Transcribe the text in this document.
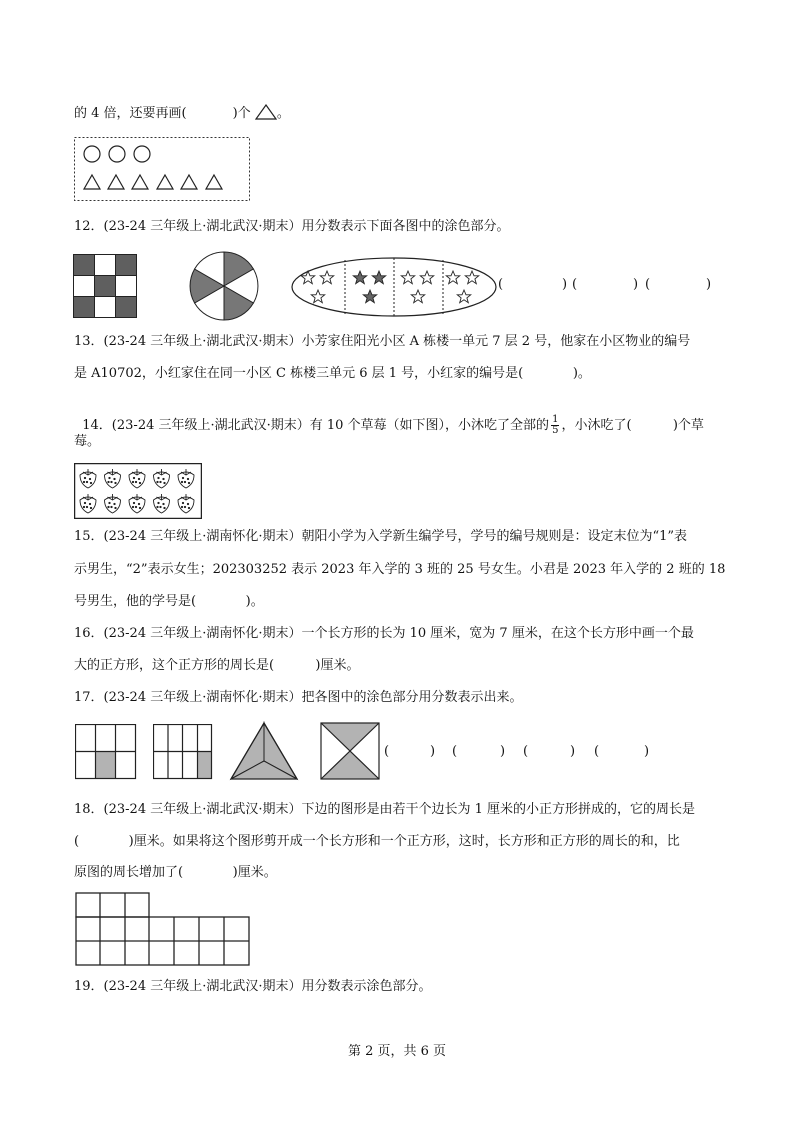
的 4 倍，还要再画(	)个 。
12．(23-24 三年级上·湖北武汉·期末）用分数表示下面各图中的涂色部分。
(	) (	) (	)
13．(23-24 三年级上·湖北武汉·期末）小芳家住阳光小区 A 栋楼一单元 7 层 2 号，他家在小区物业的编号
是 A10702，小红家住在同一小区 C 栋楼三单元 6 层 1 号，小红家的编号是(            )。

14．(23-24 三年级上·湖北武汉·期末）有 10 个草莓（如下图），小沐吃了全部的 $\frac{1}{5}$ ，小沐吃了(          )个草

莓。
15．(23-24 三年级上·湖南怀化·期末）朝阳小学为入学新生编学号，学号的编号规则是：设定末位为“1”表
示男生，“2”表示女生；202303252 表示 2023 年入学的 3 班的 25 号女生。小君是 2023 年入学的 2 班的 18
号男生，他的学号是(            )。
16．(23-24 三年级上·湖南怀化·期末）一个长方形的长为 10 厘米，宽为 7 厘米，在这个长方形中画一个最
大的正方形，这个正方形的周长是(          )厘米。
17．(23-24 三年级上·湖南怀化·期末）把各图中的涂色部分用分数表示出来。
(	) (	) (	) (	)
18．(23-24 三年级上·湖北武汉·期末）下边的图形是由若干个边长为 1 厘米的小正方形拼成的，它的周长是
(            )厘米。如果将这个图形剪开成一个长方形和一个正方形，这时，长方形和正方形的周长的和，比
原图的周长增加了(            )厘米。
19．(23-24 三年级上·湖北武汉·期末）用分数表示涂色部分。
第 2 页，共 6 页
